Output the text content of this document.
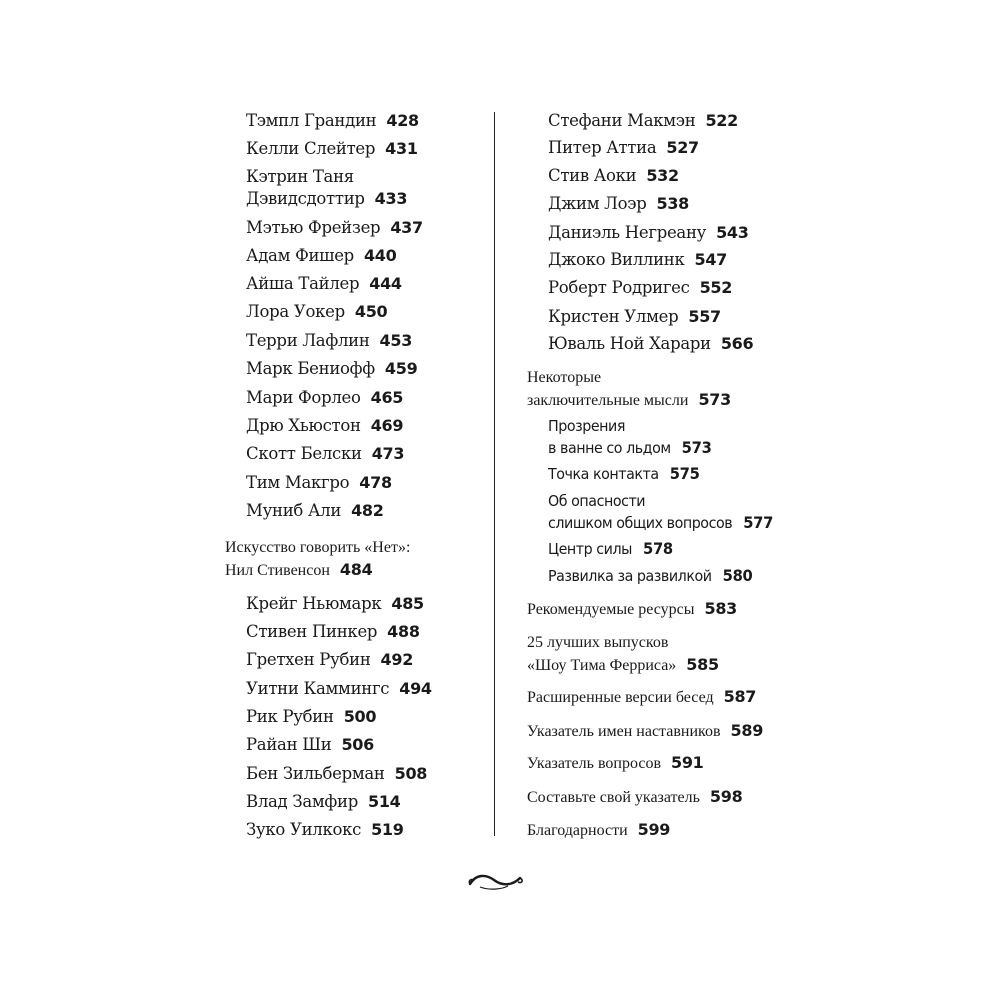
Тэмпл Грандин 428
Келли Слейтер 431
Кэтрин Таня
Дэвидсдоттир 433
Мэтью Фрейзер 437
Адам Фишер 440
Айша Тайлер 444
Лора Уокер 450
Терри Лафлин 453
Марк Бениофф 459
Мари Форлео 465
Дрю Хьюстон 469
Скотт Белски 473
Тим Макгро 478
Муниб Али 482
Искусство говорить «Нет»:
Нил Стивенсон 484
Крейг Ньюмарк 485
Стивен Пинкер 488
Гретхен Рубин 492
Уитни Каммингс 494
Рик Рубин 500
Райан Ши 506
Бен Зильберман 508
Влад Замфир 514
Зуко Уилкокс 519
Стефани Макмэн 522
Питер Аттиа 527
Стив Аоки 532
Джим Лоэр 538
Даниэль Негреану 543
Джоко Виллинк 547
Роберт Родригес 552
Кристен Улмер 557
Юваль Ной Харари 566
Некоторые
заключительные мысли 573
Прозрения
в ванне со льдом 573
Точка контакта 575
Об опасности
слишком общих вопросов 577
Центр силы 578
Развилка за развилкой 580
Рекомендуемые ресурсы 583
25 лучших выпусков
«Шоу Тима Ферриса» 585
Расширенные версии бесед 587
Указатель имен наставников 589
Указатель вопросов 591
Составьте свой указатель 598
Благодарности 599
